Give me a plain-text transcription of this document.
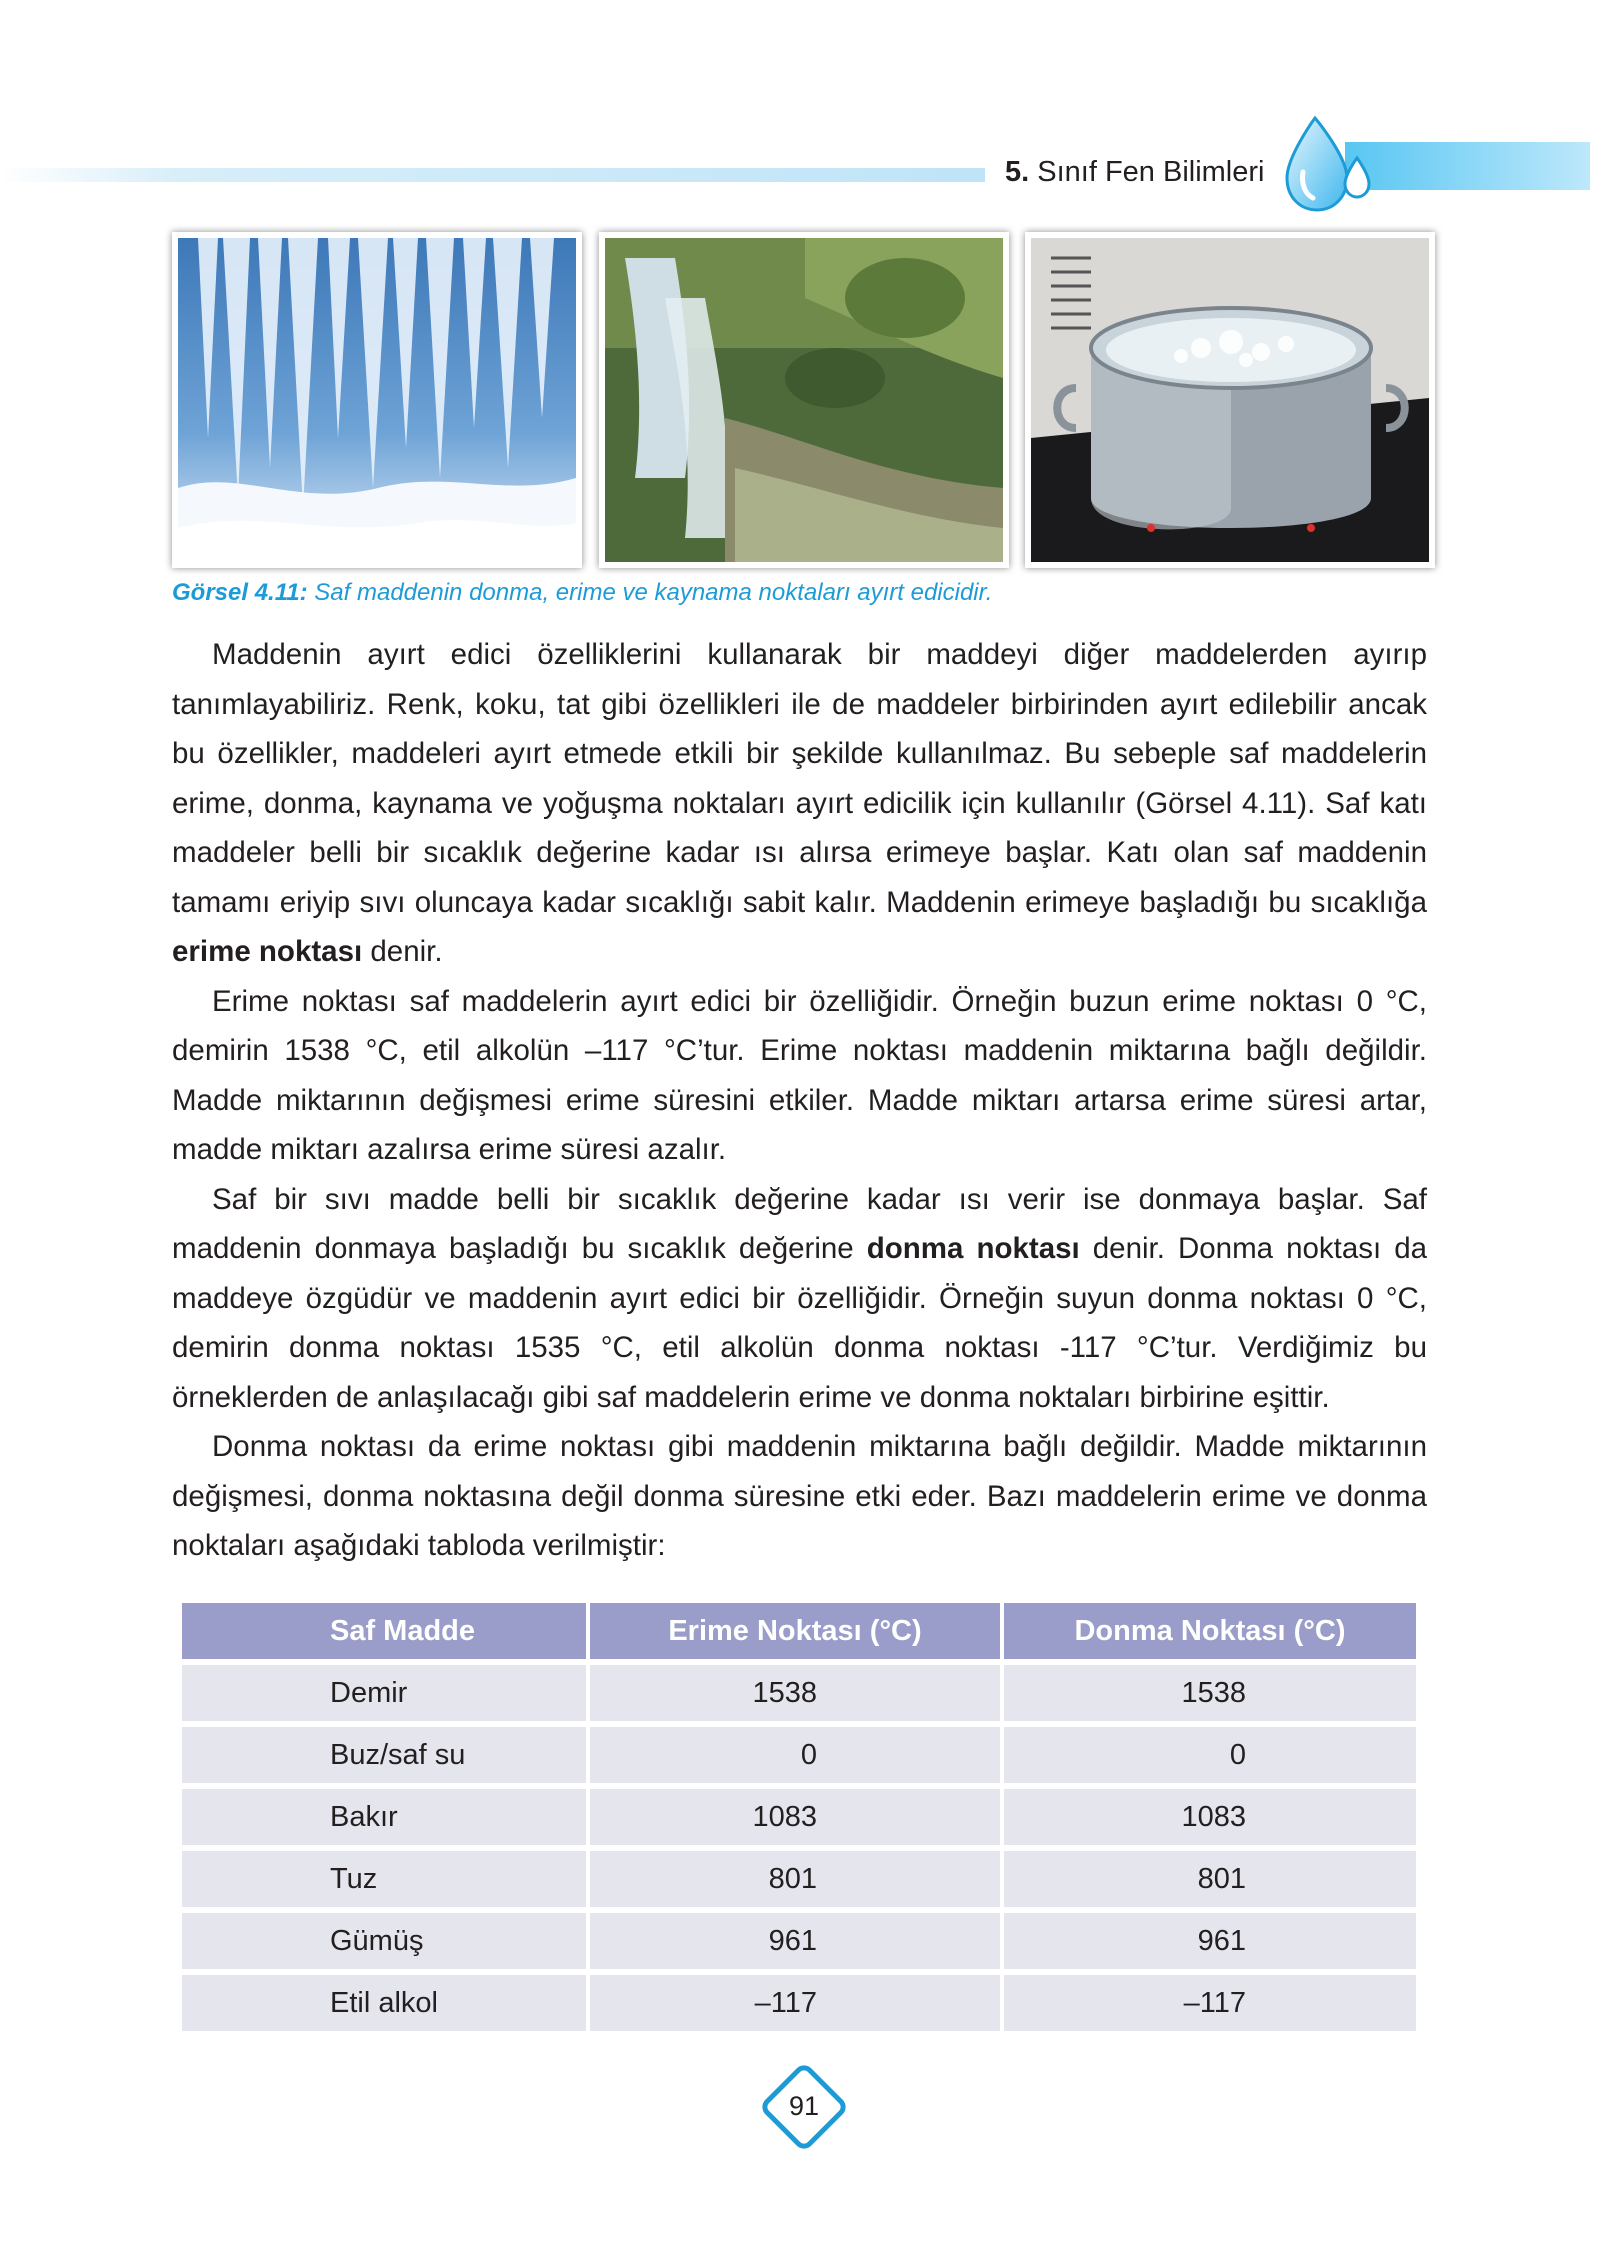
5. Sınıf Fen Bilimleri
Görsel 4.11: Saf maddenin donma, erime ve kaynama noktaları ayırt edicidir.

Maddenin ayırt edici özelliklerini kullanarak bir maddeyi diğer maddelerden ayırıp tanımlayabiliriz. Renk, koku, tat gibi özellikleri ile de maddeler birbirinden ayırt edilebilir ancak bu özellikler, maddeleri ayırt etmede etkili bir şekilde kullanılmaz. Bu sebeple saf maddelerin erime, donma, kaynama ve yoğuşma noktaları ayırt edicilik için kullanılır (Görsel 4.11). Saf katı maddeler belli bir sıcaklık değerine kadar ısı alırsa erimeye başlar. Katı olan saf maddenin tamamı eriyip sıvı oluncaya kadar sıcaklığı sabit kalır. Maddenin erimeye başladığı bu sıcaklığa erime noktası denir.

Erime noktası saf maddelerin ayırt edici bir özelliğidir. Örneğin buzun erime noktası 0 °C, demirin 1538 °C, etil alkolün –117 °C’tur. Erime noktası maddenin miktarına bağlı değildir. Madde miktarının değişmesi erime süresini etkiler. Madde miktarı artarsa erime süresi artar, madde miktarı azalırsa erime süresi azalır.

Saf bir sıvı madde belli bir sıcaklık değerine kadar ısı verir ise donmaya başlar. Saf maddenin donmaya başladığı bu sıcaklık değerine donma noktası denir. Donma noktası da maddeye özgüdür ve maddenin ayırt edici bir özelliğidir. Örneğin suyun donma noktası 0 °C, demirin donma noktası 1535 °C, etil alkolün donma noktası -117 °C’tur. Verdiğimiz bu örneklerden de anlaşılacağı gibi saf maddelerin erime ve donma noktaları birbirine eşittir.

Donma noktası da erime noktası gibi maddenin miktarına bağlı değildir. Madde miktarının değişmesi, donma noktasına değil donma süresine etki eder. Bazı maddelerin erime ve donma noktaları aşağıdaki tabloda verilmiştir:

Saf Madde	Erime Noktası (°C)	Donma Noktası (°C)
Demir	1538	1538
Buz/saf su	0	0
Bakır	1083	1083
Tuz	801	801
Gümüş	961	961
Etil alkol	–117	–117
91
